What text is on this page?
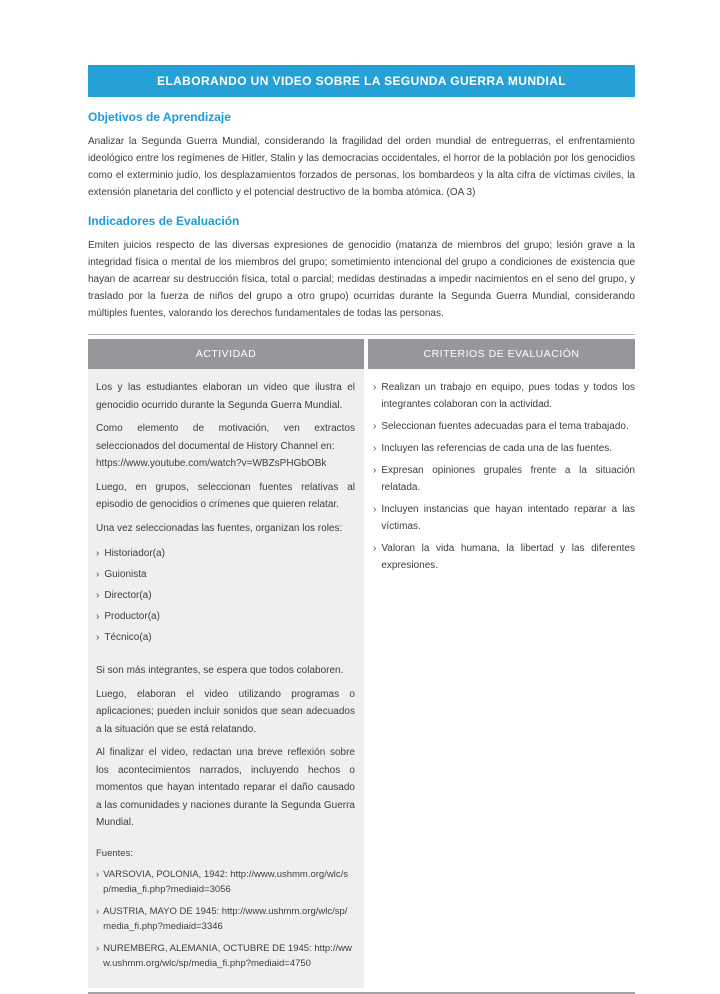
ELABORANDO UN VIDEO SOBRE LA SEGUNDA GUERRA MUNDIAL
Objetivos de Aprendizaje
Analizar la Segunda Guerra Mundial, considerando la fragilidad del orden mundial de entreguerras, el enfrentamiento ideológico entre los regímenes de Hitler, Stalin y las democracias occidentales, el horror de la población por los genocidios como el exterminio judío, los desplazamientos forzados de personas, los bombardeos y la alta cifra de víctimas civiles, la extensión planetaria del conflicto y el potencial destructivo de la bomba atómica. (OA 3)
Indicadores de Evaluación
Emiten juicios respecto de las diversas expresiones de genocidio (matanza de miembros del grupo; lesión grave a la integridad física o mental de los miembros del grupo; sometimiento intencional del grupo a condiciones de existencia que hayan de acarrear su destrucción física, total o parcial; medidas destinadas a impedir nacimientos en el seno del grupo, y traslado por la fuerza de niños del grupo a otro grupo) ocurridas durante la Segunda Guerra Mundial, considerando múltiples fuentes, valorando los derechos fundamentales de todas las personas.
ACTIVIDAD	CRITERIOS DE EVALUACIÓN
Los y las estudiantes elaboran un video que ilustra el genocidio ocurrido durante la Segunda Guerra Mundial.
Como elemento de motivación, ven extractos seleccionados del documental de History Channel en:
https://www.youtube.com/watch?v=WBZsPHGbOBk
Luego, en grupos, seleccionan fuentes relativas al episodio de genocidios o crímenes que quieren relatar.
Una vez seleccionadas las fuentes, organizan los roles:
› Historiador(a)
› Guionista
› Director(a)
› Productor(a)
› Técnico(a)
Si son más integrantes, se espera que todos colaboren.
Luego, elaboran el video utilizando programas o aplicaciones; pueden incluir sonidos que sean adecuados a la situación que se está relatando.
Al finalizar el video, redactan una breve reflexión sobre los acontecimientos narrados, incluyendo hechos o momentos que hayan intentado reparar el daño causado a las comunidades y naciones durante la Segunda Guerra Mundial.
Fuentes:
› VARSOVIA, POLONIA, 1942: http://www.ushmm.org/wlc/sp/media_fi.php?mediaid=3056
› AUSTRIA, MAYO DE 1945: http://www.ushmm.org/wlc/sp/media_fi.php?mediaid=3346
› NUREMBERG, ALEMANIA, OCTUBRE DE 1945: http://www.ushmm.org/wlc/sp/media_fi.php?mediaid=4750
› Realizan un trabajo en equipo, pues todas y todos los integrantes colaboran con la actividad.
› Seleccionan fuentes adecuadas para el tema trabajado.
› Incluyen las referencias de cada una de las fuentes.
› Expresan opiniones grupales frente a la situación relatada.
› Incluyen instancias que hayan intentado reparar a las víctimas.
› Valoran la vida humana, la libertad y las diferentes expresiones.
